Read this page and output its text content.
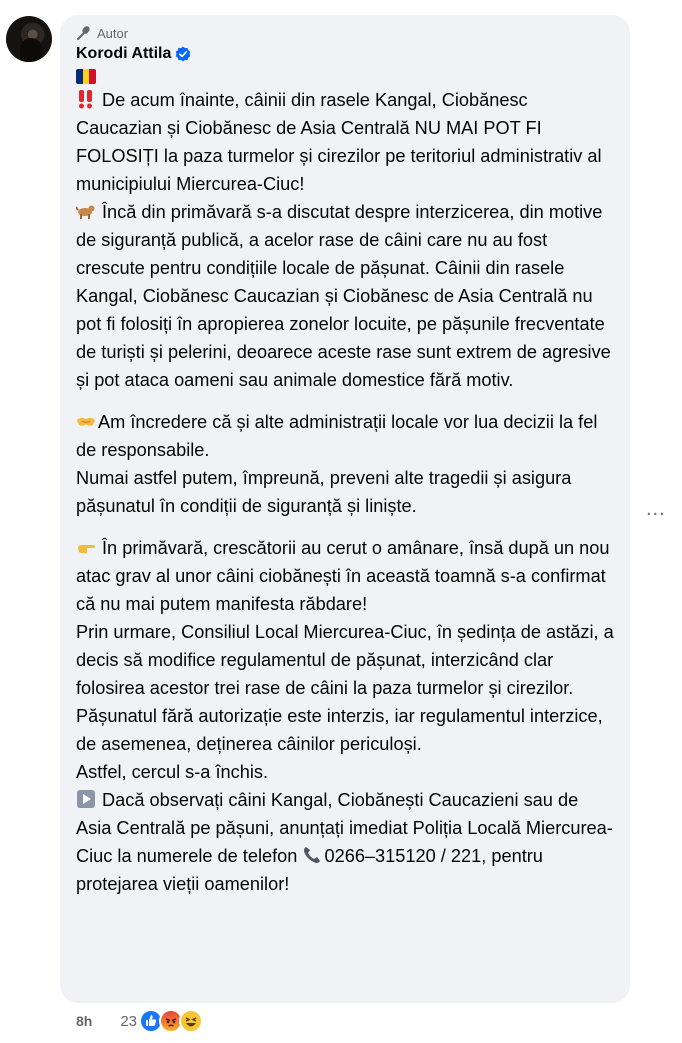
Autor
Korodi Attila

De acum înainte, câinii din rasele Kangal, Ciobănesc Caucazian și Ciobănesc de Asia Centrală NU MAI POT FI FOLOSIȚI la paza turmelor și cirezilor pe teritoriul administrativ al municipiului Miercurea-Ciuc!

Încă din primăvară s-a discutat despre interzicerea, din motive de siguranță publică, a acelor rase de câini care nu au fost crescute pentru condițiile locale de pășunat. Câinii din rasele Kangal, Ciobănesc Caucazian și Ciobănesc de Asia Centrală nu pot fi folosiți în apropierea zonelor locuite, pe pășunile frecventate de turiști și pelerini, deoarece aceste rase sunt extrem de agresive și pot ataca oameni sau animale domestice fără motiv.

Am încredere că și alte administrații locale vor lua decizii la fel de responsabile.

Numai astfel putem, împreună, preveni alte tragedii și asigura pășunatul în condiții de siguranță și liniște.

În primăvară, crescătorii au cerut o amânare, însă după un nou atac grav al unor câini ciobănești în această toamnă s-a confirmat că nu mai putem manifesta răbdare!

Prin urmare, Consiliul Local Miercurea-Ciuc, în ședința de astăzi, a decis să modifice regulamentul de pășunat, interzicând clar folosirea acestor trei rase de câini la paza turmelor și cirezilor.

Pășunatul fără autorizație este interzis, iar regulamentul interzice, de asemenea, deținerea câinilor periculoși.

Astfel, cercul s-a închis.

Dacă observați câini Kangal, Ciobănești Caucazieni sau de Asia Centrală pe pășuni, anunțați imediat Poliția Locală Miercurea-Ciuc la numerele de telefon 0266–315120 / 221, pentru protejarea vieții oamenilor!

...
8h 23
